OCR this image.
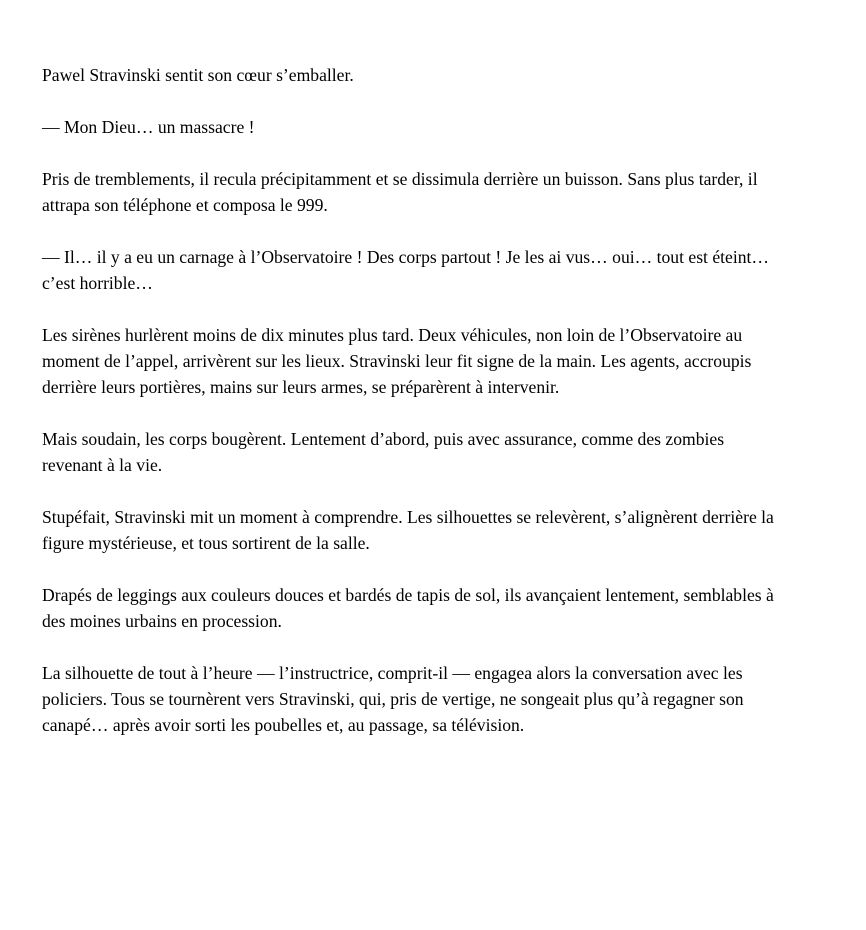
Pawel Stravinski sentit son cœur s’emballer.

— Mon Dieu… un massacre !

Pris de tremblements, il recula précipitamment et se dissimula derrière un buisson. Sans plus tarder, il attrapa son téléphone et composa le 999.

— Il… il y a eu un carnage à l’Observatoire ! Des corps partout ! Je les ai vus… oui… tout est éteint… c’est horrible…

Les sirènes hurlèrent moins de dix minutes plus tard. Deux véhicules, non loin de l’Observatoire au moment de l’appel, arrivèrent sur les lieux. Stravinski leur fit signe de la main. Les agents, accroupis derrière leurs portières, mains sur leurs armes, se préparèrent à intervenir.

Mais soudain, les corps bougèrent. Lentement d’abord, puis avec assurance, comme des zombies revenant à la vie.

Stupéfait, Stravinski mit un moment à comprendre. Les silhouettes se relevèrent, s’alignèrent derrière la figure mystérieuse, et tous sortirent de la salle.

Drapés de leggings aux couleurs douces et bardés de tapis de sol, ils avançaient lentement, semblables à des moines urbains en procession.

La silhouette de tout à l’heure — l’instructrice, comprit-il — engagea alors la conversation avec les policiers. Tous se tournèrent vers Stravinski, qui, pris de vertige, ne songeait plus qu’à regagner son canapé… après avoir sorti les poubelles et, au passage, sa télévision.
